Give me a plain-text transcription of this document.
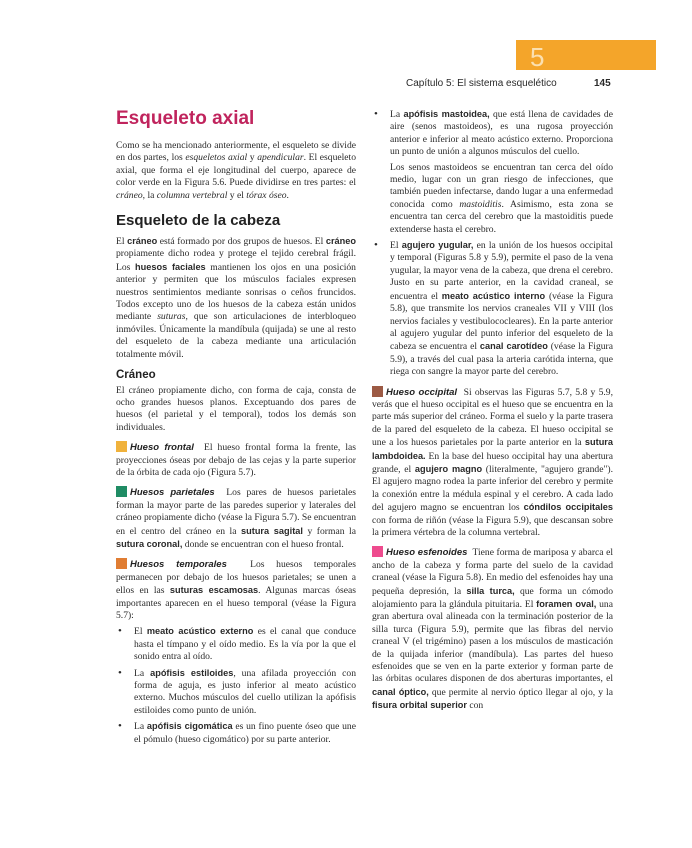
5
Capítulo 5: El sistema esquelético	145
Esqueleto axial

Como se ha mencionado anteriormente, el esqueleto se divide en dos partes, los esqueletos axial y apendicular. El esqueleto axial, que forma el eje longitudinal del cuerpo, aparece de color verde en la Figura 5.6. Puede dividirse en tres partes: el cráneo, la columna vertebral y el tórax óseo.

Esqueleto de la cabeza

El cráneo está formado por dos grupos de huesos. El cráneo propiamente dicho rodea y protege el tejido cerebral frágil. Los huesos faciales mantienen los ojos en una posición anterior y permiten que los músculos faciales expresen nuestros sentimientos mediante sonrisas o ceños fruncidos. Todos excepto uno de los huesos de la cabeza están unidos mediante suturas, que son articulaciones de interbloqueo inmóviles. Únicamente la mandíbula (quijada) se une al resto del esqueleto de la cabeza mediante una articulación totalmente móvil.

Cráneo

El cráneo propiamente dicho, con forma de caja, consta de ocho grandes huesos planos. Exceptuando dos pares de huesos (el parietal y el temporal), todos los demás son individuales.

Hueso frontal El hueso frontal forma la frente, las proyecciones óseas por debajo de las cejas y la parte superior de la órbita de cada ojo (Figura 5.7).

Huesos parietales Los pares de huesos parietales forman la mayor parte de las paredes superior y laterales del cráneo propiamente dicho (véase la Figura 5.7). Se encuentran en el centro del cráneo en la sutura sagital y forman la sutura coronal, donde se encuentran con el hueso frontal.

Huesos temporales Los huesos temporales permanecen por debajo de los huesos parietales; se unen a ellos en las suturas escamosas. Algunas marcas óseas importantes aparecen en el hueso temporal (véase la Figura 5.7):

• El meato acústico externo es el canal que conduce hasta el tímpano y el oído medio. Es la vía por la que el sonido entra al oído.
• La apófisis estiloides, una afilada proyección con forma de aguja, es justo inferior al meato acústico externo. Muchos músculos del cuello utilizan la apófisis estiloides como punto de unión.
• La apófisis cigomática es un fino puente óseo que une el pómulo (hueso cigomático) por su parte anterior.

• La apófisis mastoidea, que está llena de cavidades de aire (senos mastoideos), es una rugosa proyección anterior e inferior al meato acústico externo. Proporciona un punto de unión a algunos músculos del cuello.

Los senos mastoideos se encuentran tan cerca del oído medio, lugar con un gran riesgo de infecciones, que también pueden infectarse, dando lugar a una enfermedad conocida como mastoiditis. Asimismo, esta zona se encuentra tan cerca del cerebro que la mastoiditis puede extenderse hasta el cerebro.

• El agujero yugular, en la unión de los huesos occipital y temporal (Figuras 5.8 y 5.9), permite el paso de la vena yugular, la mayor vena de la cabeza, que drena el cerebro. Justo en su parte anterior, en la cavidad craneal, se encuentra el meato acústico interno (véase la Figura 5.8), que transmite los nervios craneales VII y VIII (los nervios faciales y vestibulococleares). En la parte anterior al agujero yugular del punto inferior del esqueleto de la cabeza se encuentra el canal carotídeo (véase la Figura 5.9), a través del cual pasa la arteria carótida interna, que riega con sangre la mayor parte del cerebro.

Hueso occipital Si observas las Figuras 5.7, 5.8 y 5.9, verás que el hueso occipital es el hueso que se encuentra en la parte más superior del cráneo. Forma el suelo y la parte trasera de la pared del esqueleto de la cabeza. El hueso occipital se une a los huesos parietales por la parte anterior en la sutura lambdoidea. En la base del hueso occipital hay una abertura grande, el agujero magno (literalmente, "agujero grande"). El agujero magno rodea la parte inferior del cerebro y permite la conexión entre la médula espinal y el cerebro. A cada lado del agujero magno se encuentran los cóndilos occipitales con forma de riñón (véase la Figura 5.9), que descansan sobre la primera vértebra de la columna vertebral.

Hueso esfenoides Tiene forma de mariposa y abarca el ancho de la cabeza y forma parte del suelo de la cavidad craneal (véase la Figura 5.8). En medio del esfenoides hay una pequeña depresión, la silla turca, que forma un cómodo alojamiento para la glándula pituitaria. El foramen oval, una gran abertura oval alineada con la terminación posterior de la silla turca (Figura 5.9), permite que las fibras del nervio craneal V (el trigémino) pasen a los músculos de masticación de la quijada inferior (mandíbula). Las partes del hueso esfenoides que se ven en la parte exterior y forman parte de las órbitas oculares disponen de dos aberturas importantes, el canal óptico, que permite al nervio óptico llegar al ojo, y la fisura orbital superior con
